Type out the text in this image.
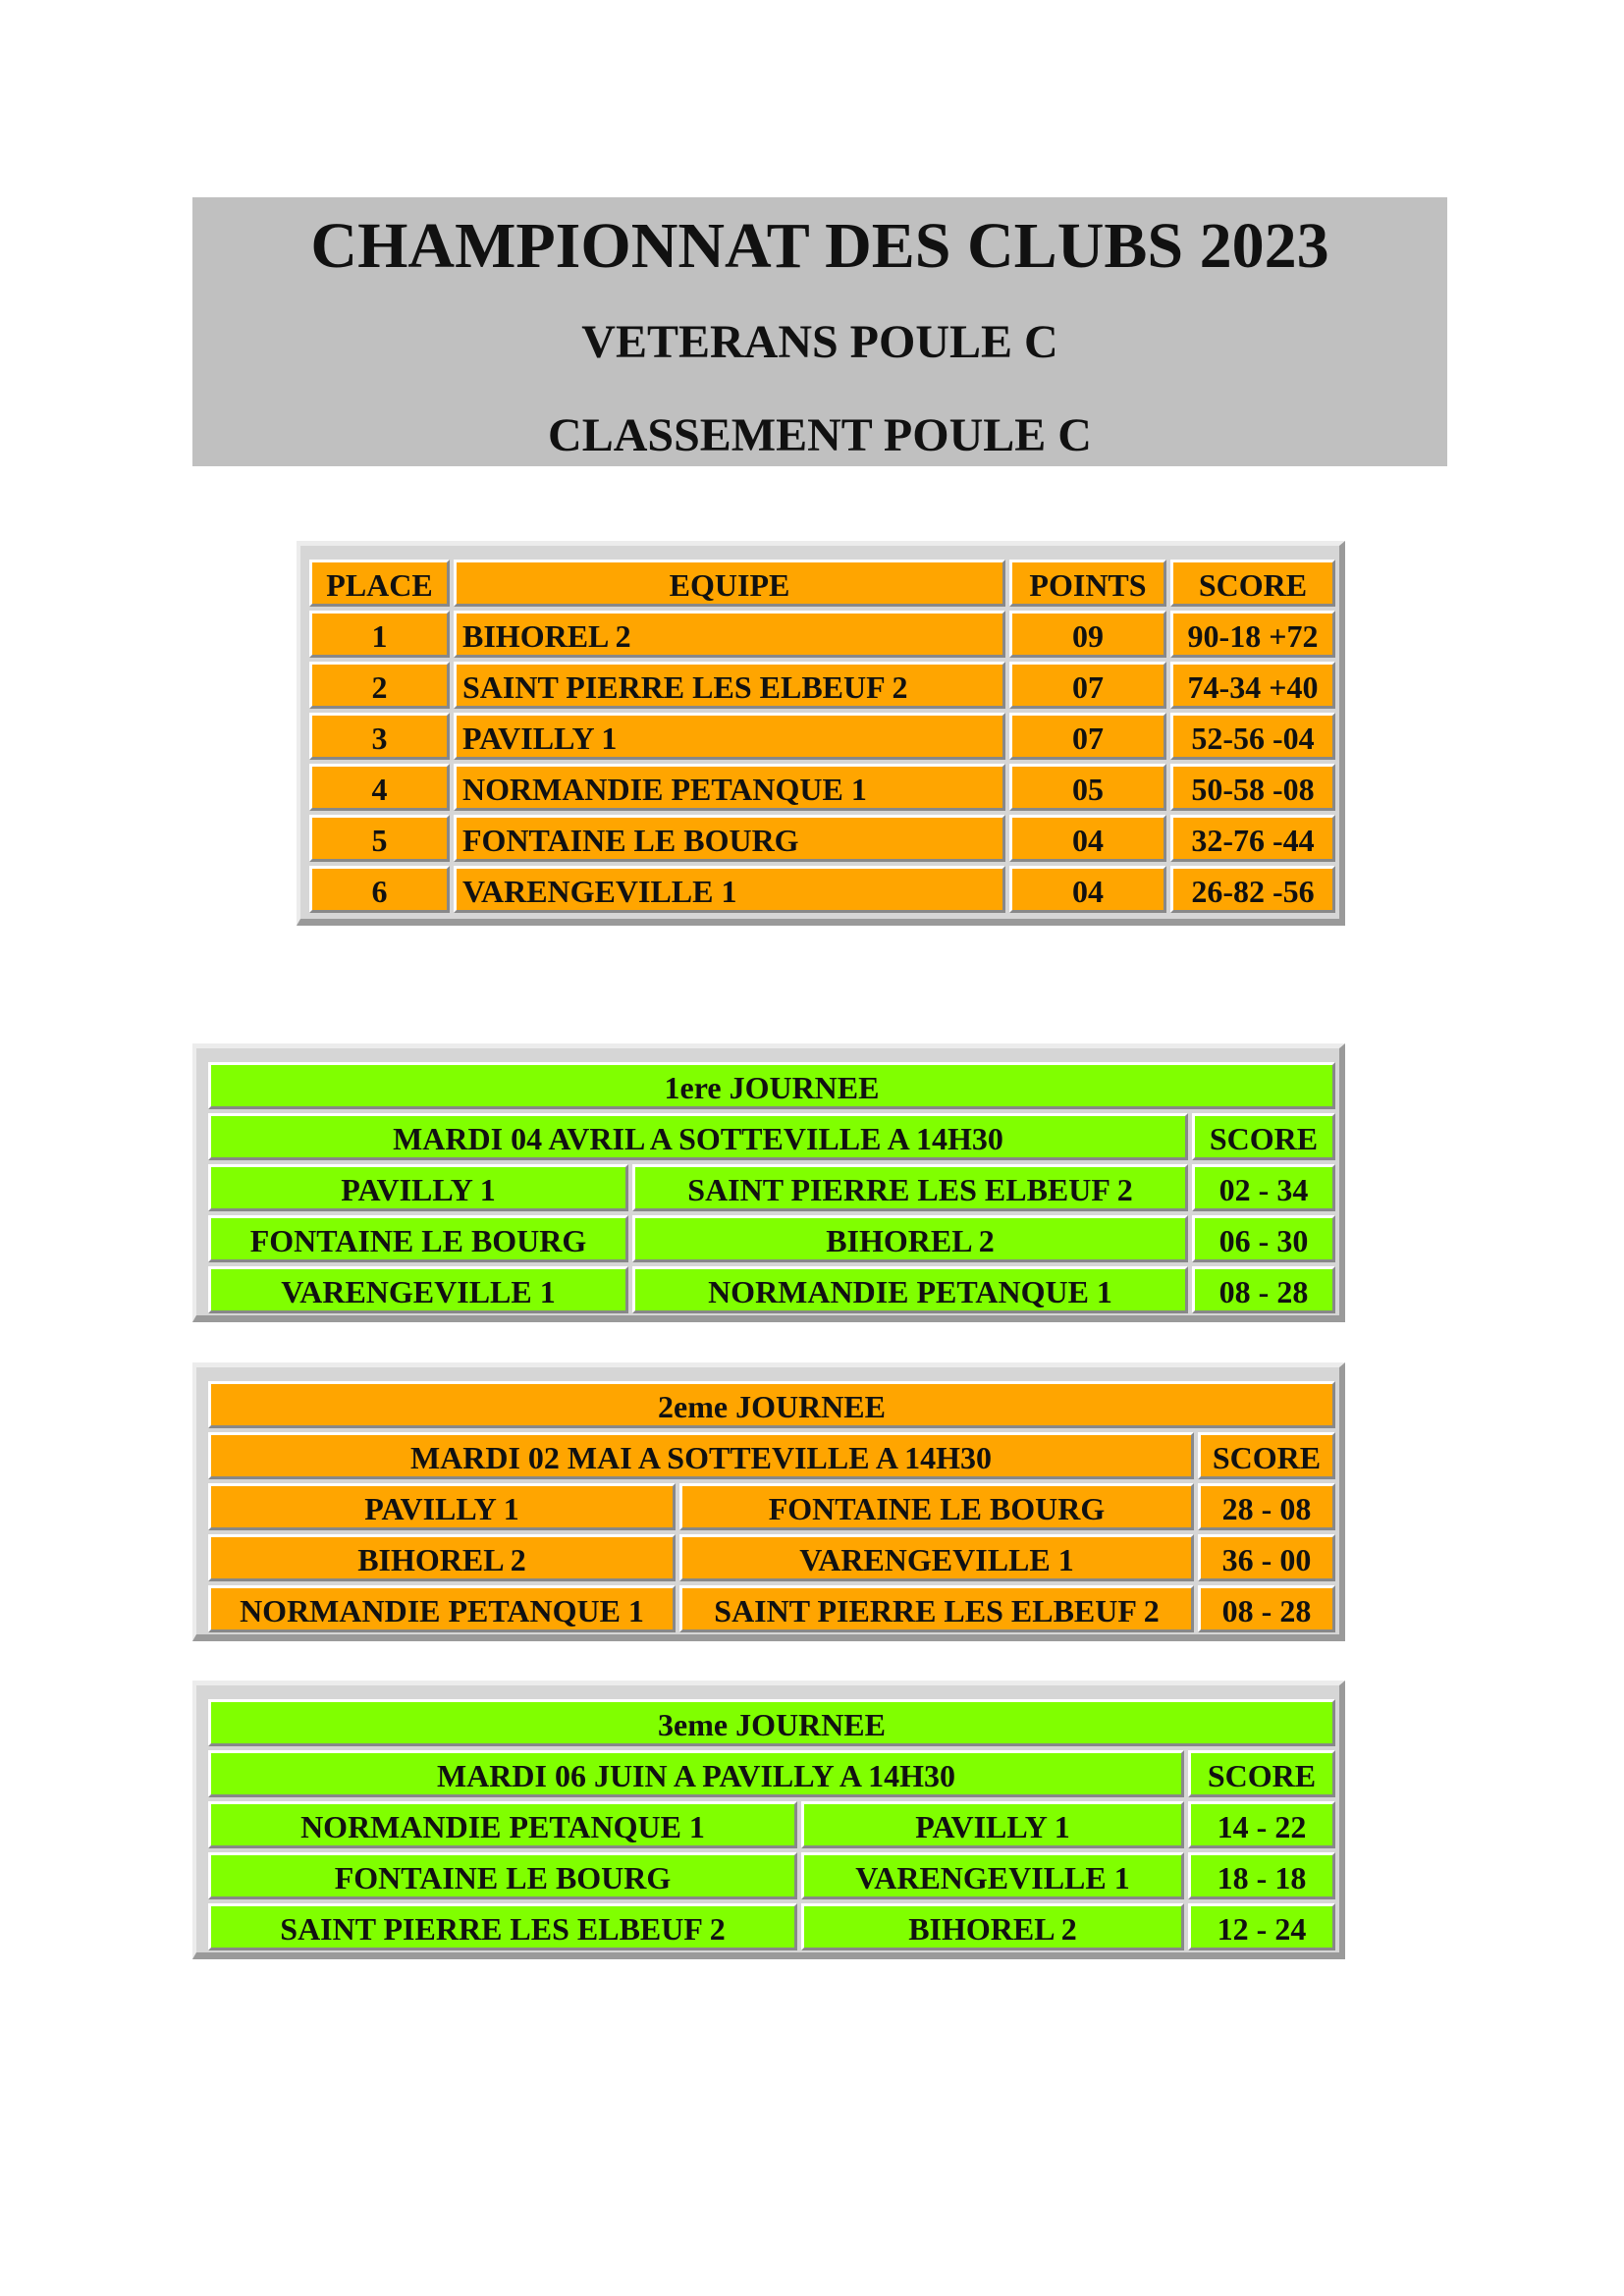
CHAMPIONNAT DES CLUBS 2023
VETERANS POULE C
CLASSEMENT POULE C
PLACE	EQUIPE	POINTS	SCORE
1	BIHOREL 2	09	90-18 +72
2	SAINT PIERRE LES ELBEUF 2	07	74-34 +40
3	PAVILLY 1	07	52-56 -04
4	NORMANDIE PETANQUE 1	05	50-58 -08
5	FONTAINE LE BOURG	04	32-76 -44
6	VARENGEVILLE 1	04	26-82 -56
1ere JOURNEE
MARDI 04 AVRIL A SOTTEVILLE A 14H30	SCORE
PAVILLY 1	SAINT PIERRE LES ELBEUF 2	02 - 34
FONTAINE LE BOURG	BIHOREL 2	06 - 30
VARENGEVILLE 1	NORMANDIE PETANQUE 1	08 - 28
2eme JOURNEE
MARDI 02 MAI A SOTTEVILLE A 14H30	SCORE
PAVILLY 1	FONTAINE LE BOURG	28 - 08
BIHOREL 2	VARENGEVILLE 1	36 - 00
NORMANDIE PETANQUE 1	SAINT PIERRE LES ELBEUF 2	08 - 28
3eme JOURNEE
MARDI 06 JUIN A PAVILLY A 14H30	SCORE
NORMANDIE PETANQUE 1	PAVILLY 1	14 - 22
FONTAINE LE BOURG	VARENGEVILLE 1	18 - 18
SAINT PIERRE LES ELBEUF 2	BIHOREL 2	12 - 24
